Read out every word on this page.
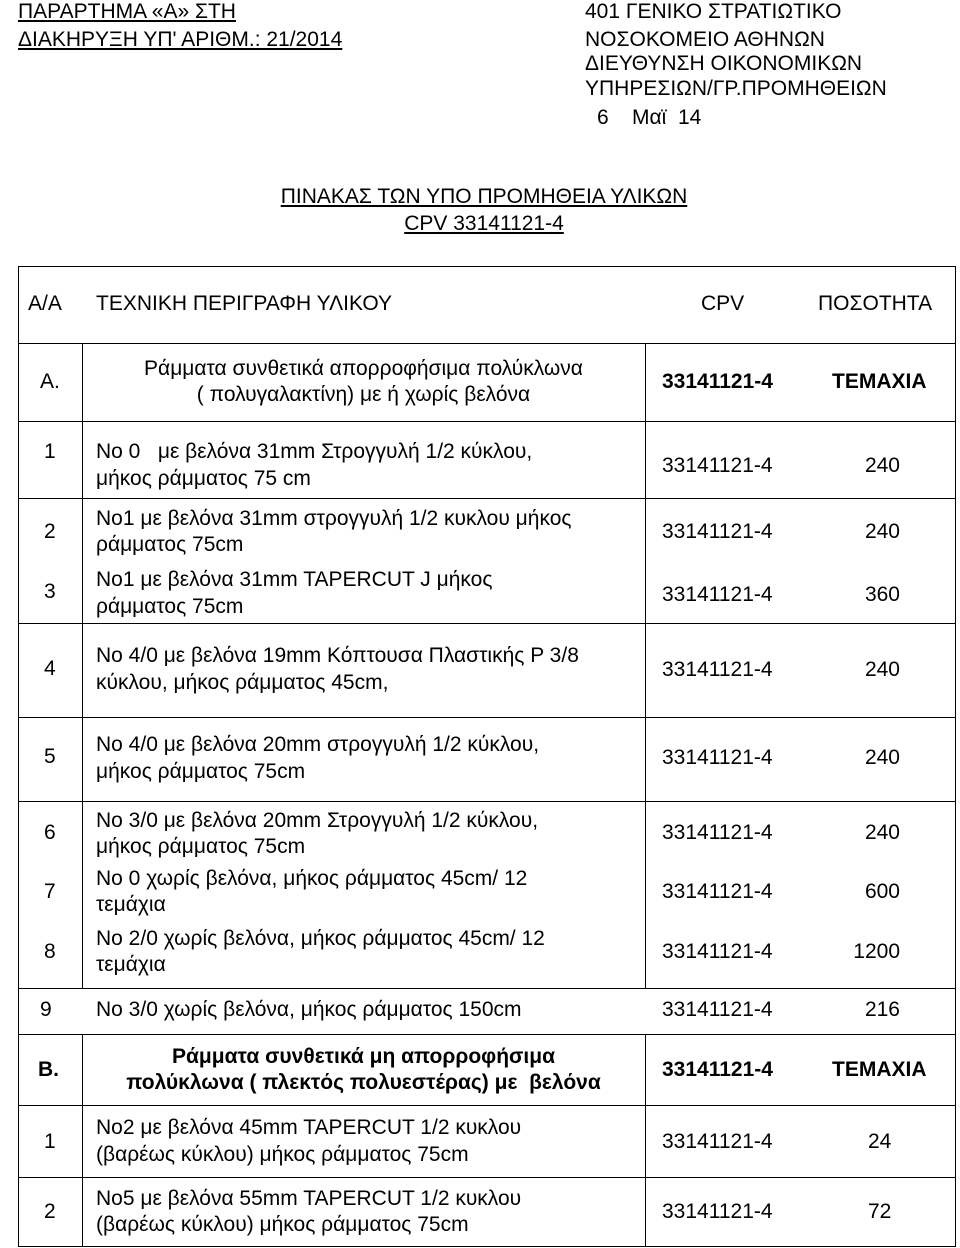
ΠΑΡΑΡΤΗΜΑ «Α» ΣΤΗ
ΔΙΑΚΗΡΥΞΗ ΥΠ' ΑΡΙΘΜ.: 21/2014
401 ΓΕΝΙΚΟ ΣΤΡΑΤΙΩΤΙΚΟ
ΝΟΣΟΚΟΜΕΙΟ ΑΘΗΝΩΝ
ΔΙΕΥΘΥΝΣΗ ΟΙΚΟΝΟΜΙΚΩΝ
ΥΠΗΡΕΣΙΩΝ/ΓΡ.ΠΡΟΜΗΘΕΙΩΝ
6    Μαϊ  14
ΠΙΝΑΚΑΣ ΤΩΝ ΥΠΟ ΠΡΟΜΗΘΕΙΑ ΥΛΙΚΩΝ
CPV 33141121-4
Α/Α ΤΕΧΝΙΚΗ ΠΕΡΙΓΡΑΦΗ ΥΛΙΚΟΥ	CPV	ΠΟΣΟΤΗΤΑ
Α.
Ράμματα συνθετικά απορροφήσιμα πολύκλωνα
( πολυγαλακτίνη) με ή χωρίς βελόνα
33141121-4	ΤΕΜΑΧΙΑ
1 Νο 0   με βελόνα 31mm Στρογγυλή 1/2 κύκλου,
μήκος ράμματος 75 cm
33141121-4	240
2
Νο1 με βελόνα 31mm στρογγυλή 1/2 κυκλου μήκος
ράμματος 75cm
33141121-4	240
3
Νο1 με βελόνα 31mm TAPERCUT J μήκος
ράμματος 75cm
33141121-4	360
4
Νο 4/0 με βελόνα 19mm Κόπτουσα Πλαστικής P 3/8
κύκλου, μήκος ράμματος 45cm,
33141121-4	240
5
Νο 4/0 με βελόνα 20mm στρογγυλή 1/2 κύκλου,
μήκος ράμματος 75cm
33141121-4	240
6
Νο 3/0 με βελόνα 20mm Στρογγυλή 1/2 κύκλου,
μήκος ράμματος 75cm
33141121-4	240
7
Νο 0 χωρίς βελόνα, μήκος ράμματος 45cm/ 12
τεμάχια
33141121-4	600
8
Νο 2/0 χωρίς βελόνα, μήκος ράμματος 45cm/ 12
τεμάχια
33141121-4	1200
9 Νο 3/0 χωρίς βελόνα, μήκος ράμματος 150cm	33141121-4	216
Β.
Ράμματα συνθετικά μη απορροφήσιμα
πολύκλωνα ( πλεκτός πολυεστέρας) με  βελόνα
33141121-4	ΤΕΜΑΧΙΑ
1
Νο2 με βελόνα 45mm TAPERCUT 1/2 κυκλου
(βαρέως κύκλου) μήκος ράμματος 75cm
33141121-4	24
2
Νο5 με βελόνα 55mm TAPERCUT 1/2 κυκλου
(βαρέως κύκλου) μήκος ράμματος 75cm
33141121-4	72
